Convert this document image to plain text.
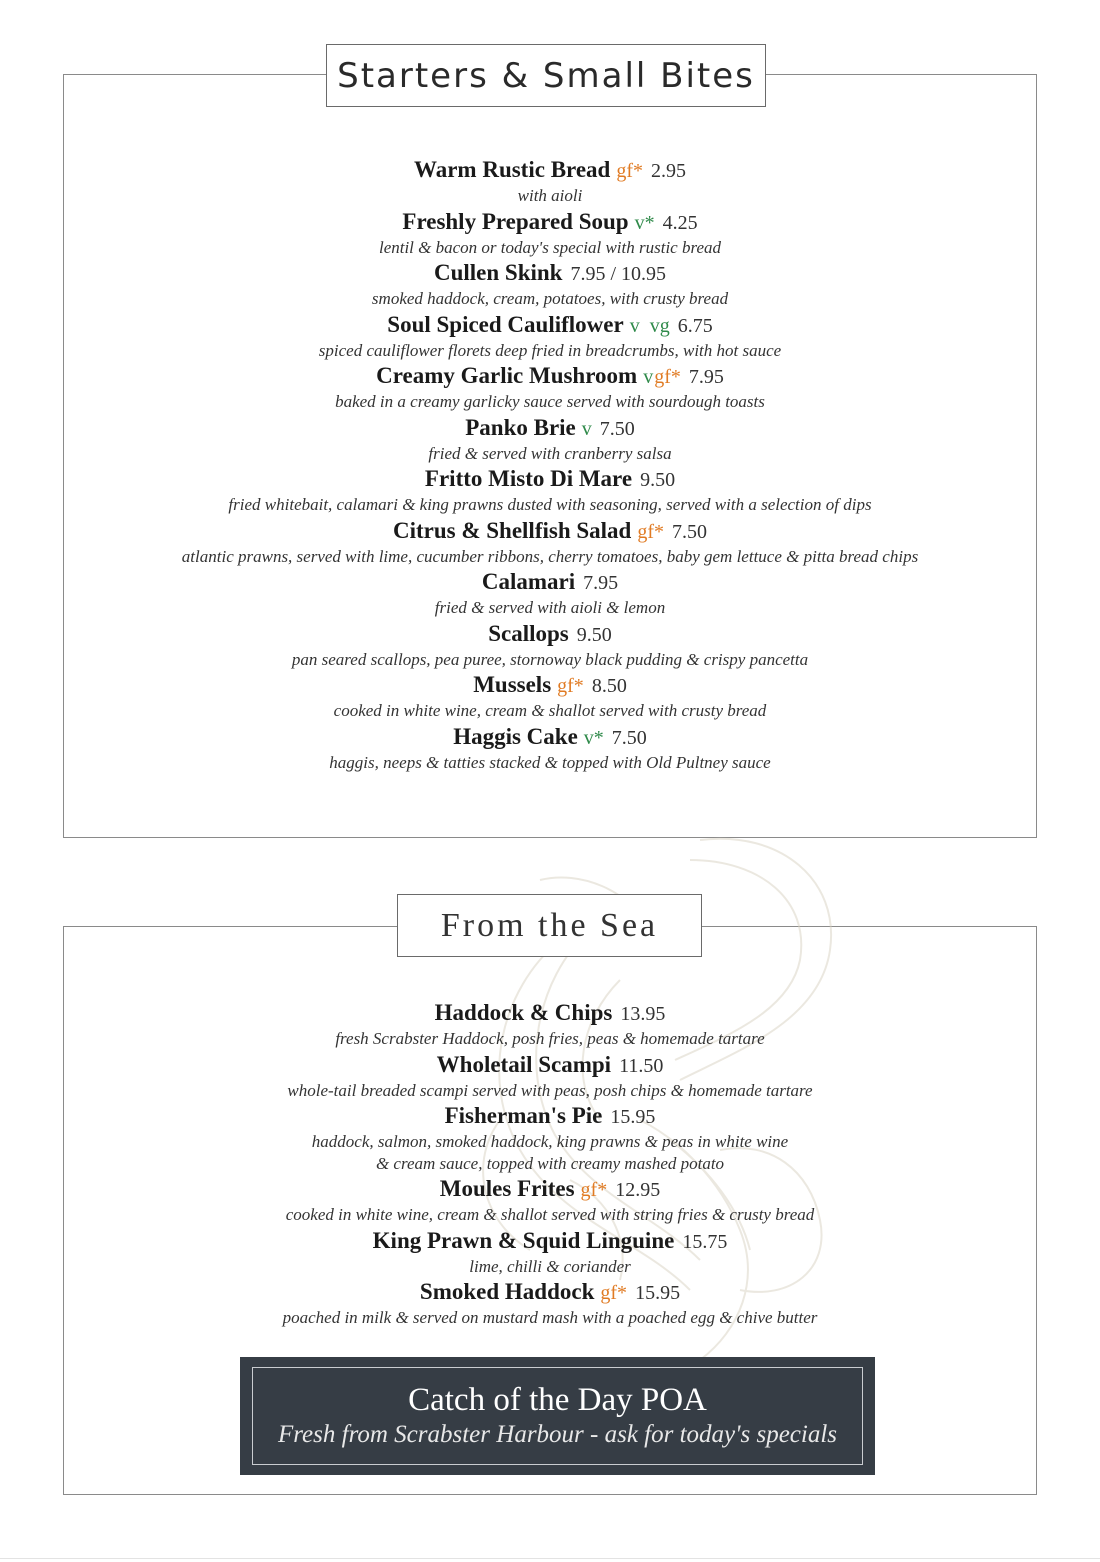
Starters & Small Bites
From the Sea
Warm Rustic Bread gf* 2.95
with aioli
Freshly Prepared Soup v* 4.25
lentil & bacon or today's special with rustic bread
Cullen Skink 7.95 / 10.95
smoked haddock, cream, potatoes, with crusty bread
Soul Spiced Cauliflower v  vg 6.75
spiced cauliflower florets deep fried in breadcrumbs, with hot sauce
Creamy Garlic Mushroom vgf* 7.95
baked in a creamy garlicky sauce served with sourdough toasts
Panko Brie v 7.50
fried & served with cranberry salsa
Fritto Misto Di Mare 9.50
fried whitebait, calamari & king prawns dusted with seasoning, served with a selection of dips
Citrus & Shellfish Salad gf* 7.50
atlantic prawns, served with lime, cucumber ribbons, cherry tomatoes, baby gem lettuce & pitta bread chips
Calamari 7.95
fried & served with aioli & lemon
Scallops 9.50
pan seared scallops, pea puree, stornoway black pudding & crispy pancetta
Mussels gf* 8.50
cooked in white wine, cream & shallot served with crusty bread
Haggis Cake v* 7.50
haggis, neeps & tatties stacked & topped with Old Pultney sauce
Haddock & Chips 13.95
fresh Scrabster Haddock, posh fries, peas & homemade tartare
Wholetail Scampi 11.50
whole-tail breaded scampi served with peas, posh chips & homemade tartare
Fisherman's Pie 15.95
haddock, salmon, smoked haddock, king prawns & peas in white wine
& cream sauce, topped with creamy mashed potato
Moules Frites gf* 12.95
cooked in white wine, cream & shallot served with string fries & crusty bread
King Prawn & Squid Linguine 15.75
lime, chilli & coriander
Smoked Haddock gf* 15.95
poached in milk & served on mustard mash with a poached egg & chive butter
Catch of the Day POA
Fresh from Scrabster Harbour - ask for today's specials
